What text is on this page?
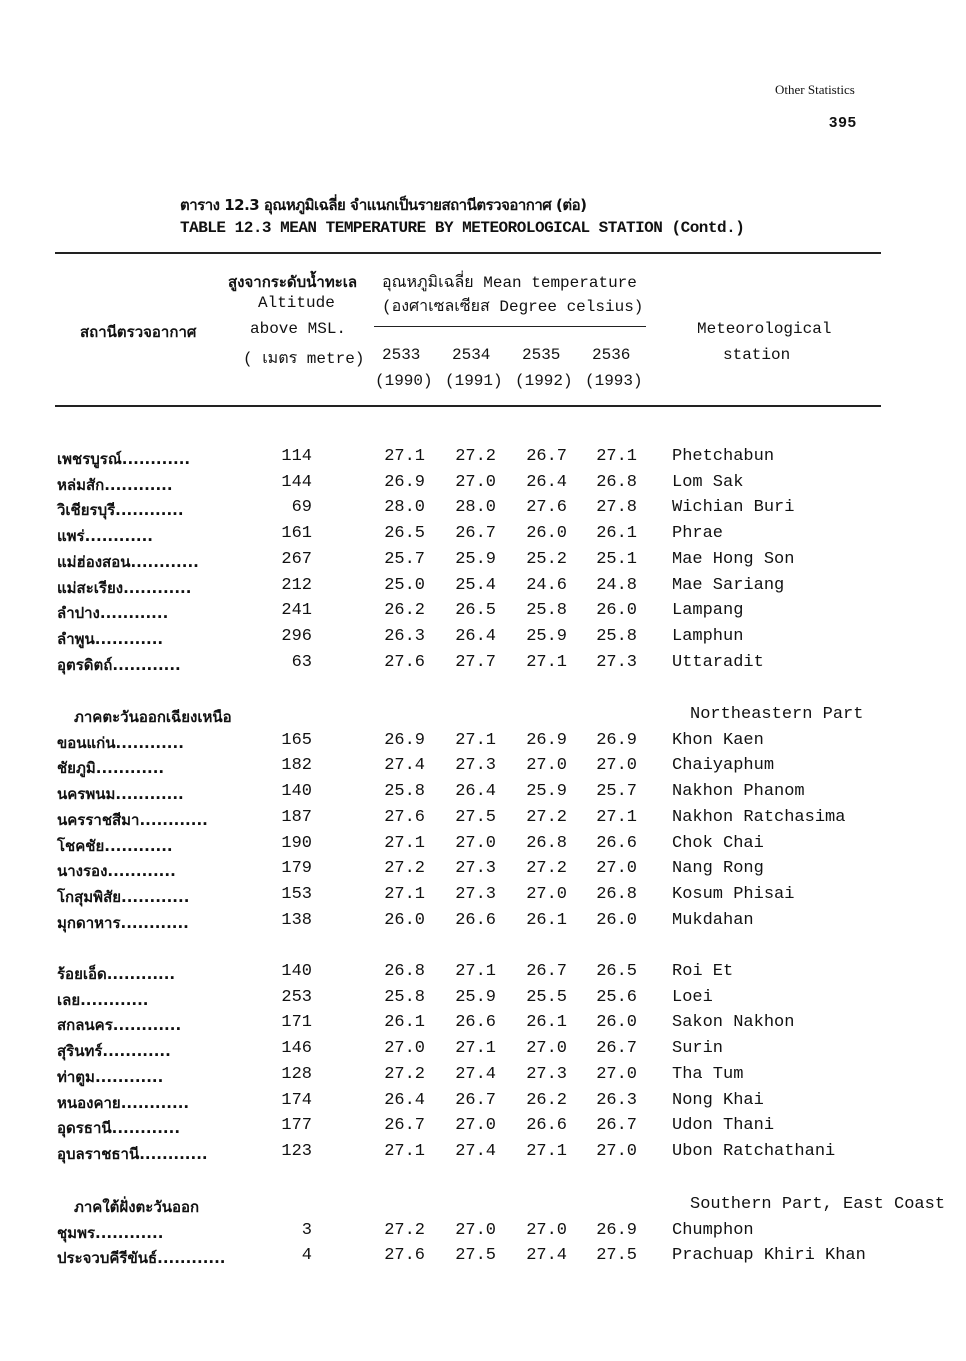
Other Statistics
395
ตาราง 12.3 อุณหภูมิเฉลี่ย จำแนกเป็นรายสถานีตรวจอากาศ (ต่อ)
TABLE 12.3 MEAN TEMPERATURE BY METEOROLOGICAL STATION (Contd.)
สถานีตรวจอากาศ
สูงจากระดับน้ำทะเล
Altitude
above MSL.
( เมตร metre)
อุณหภูมิเฉลี่ย Mean temperature
(องศาเซลเซียส Degree celsius)
2533 2534 2535 2536
(1990) (1991) (1992) (1993)
Meteorological
station
เพชรบูรณ์............	114	27.1 27.2 26.7 27.1 Phetchabun
หล่มสัก............	144	26.9 27.0 26.4 26.8 Lom Sak
วิเชียรบุรี............	69	28.0 28.0 27.6 27.8 Wichian Buri
แพร่............	161	26.5 26.7 26.0 26.1 Phrae
แม่ฮ่องสอน............	267	25.7 25.9 25.2 25.1 Mae Hong Son
แม่สะเรียง............	212	25.0 25.4 24.6 24.8 Mae Sariang
ลำปาง............	241	26.2 26.5 25.8 26.0 Lampang
ลำพูน............	296	26.3 26.4 25.9 25.8 Lamphun
อุตรดิตถ์............	63	27.6 27.7 27.1 27.3 Uttaradit
ภาคตะวันออกเฉียงเหนือ	Northeastern Part
ขอนแก่น............	165	26.9 27.1 26.9 26.9 Khon Kaen
ชัยภูมิ............	182	27.4 27.3 27.0 27.0 Chaiyaphum
นครพนม............	140	25.8 26.4 25.9 25.7 Nakhon Phanom
นครราชสีมา............	187	27.6 27.5 27.2 27.1 Nakhon Ratchasima
โชคชัย............	190	27.1 27.0 26.8 26.6 Chok Chai
นางรอง............	179	27.2 27.3 27.2 27.0 Nang Rong
โกสุมพิสัย............	153	27.1 27.3 27.0 26.8 Kosum Phisai
มุกดาหาร............	138	26.0 26.6 26.1 26.0 Mukdahan
ร้อยเอ็ด............	140	26.8 27.1 26.7 26.5 Roi Et
เลย............	253	25.8 25.9 25.5 25.6 Loei
สกลนคร............	171	26.1 26.6 26.1 26.0 Sakon Nakhon
สุรินทร์............	146	27.0 27.1 27.0 26.7 Surin
ท่าตูม............	128	27.2 27.4 27.3 27.0 Tha Tum
หนองคาย............	174	26.4 26.7 26.2 26.3 Nong Khai
อุดรธานี............	177	26.7 27.0 26.6 26.7 Udon Thani
อุบลราชธานี............	123	27.1 27.4 27.1 27.0 Ubon Ratchathani
ภาคใต้ฝั่งตะวันออก	Southern Part, East Coast
ชุมพร............	3	27.2 27.0 27.0 26.9 Chumphon
ประจวบคีรีขันธ์............	4	27.6 27.5 27.4 27.5 Prachuap Khiri Khan
